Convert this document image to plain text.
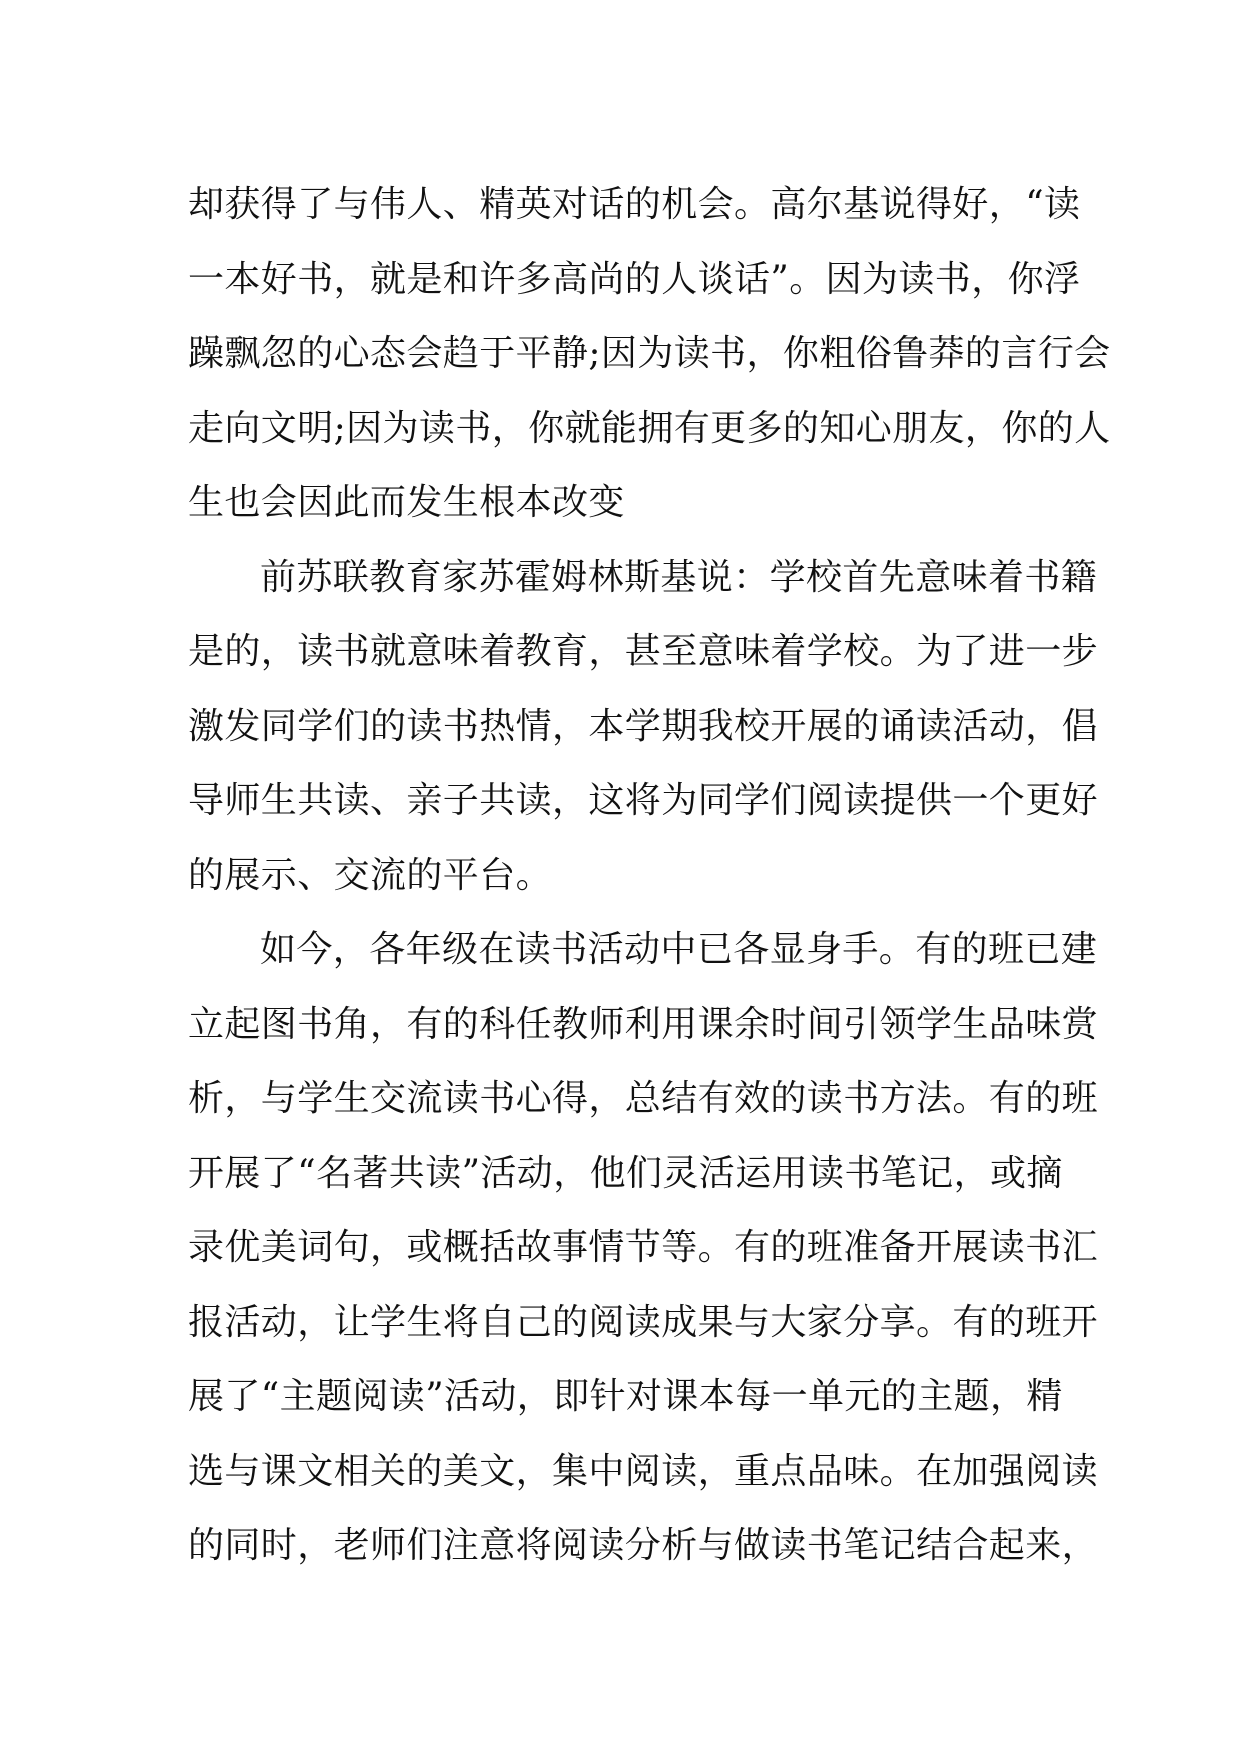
却获得了与伟人、精英对话的机会。高尔基说得好，“读
一本好书，就是和许多高尚的人谈话”。因为读书，你浮
躁飘忽的心态会趋于平静;因为读书，你粗俗鲁莽的言行会
走向文明;因为读书，你就能拥有更多的知心朋友，你的人
生也会因此而发生根本改变
前苏联教育家苏霍姆林斯基说：学校首先意味着书籍
是的，读书就意味着教育，甚至意味着学校。为了进一步
激发同学们的读书热情，本学期我校开展的诵读活动，倡
导师生共读、亲子共读，这将为同学们阅读提供一个更好
的展示、交流的平台。
如今，各年级在读书活动中已各显身手。有的班已建
立起图书角，有的科任教师利用课余时间引领学生品味赏
析，与学生交流读书心得，总结有效的读书方法。有的班
开展了“名著共读”活动，他们灵活运用读书笔记，或摘
录优美词句，或概括故事情节等。有的班准备开展读书汇
报活动，让学生将自己的阅读成果与大家分享。有的班开
展了“主题阅读”活动，即针对课本每一单元的主题，精
选与课文相关的美文，集中阅读，重点品味。在加强阅读
的同时，老师们注意将阅读分析与做读书笔记结合起来，
